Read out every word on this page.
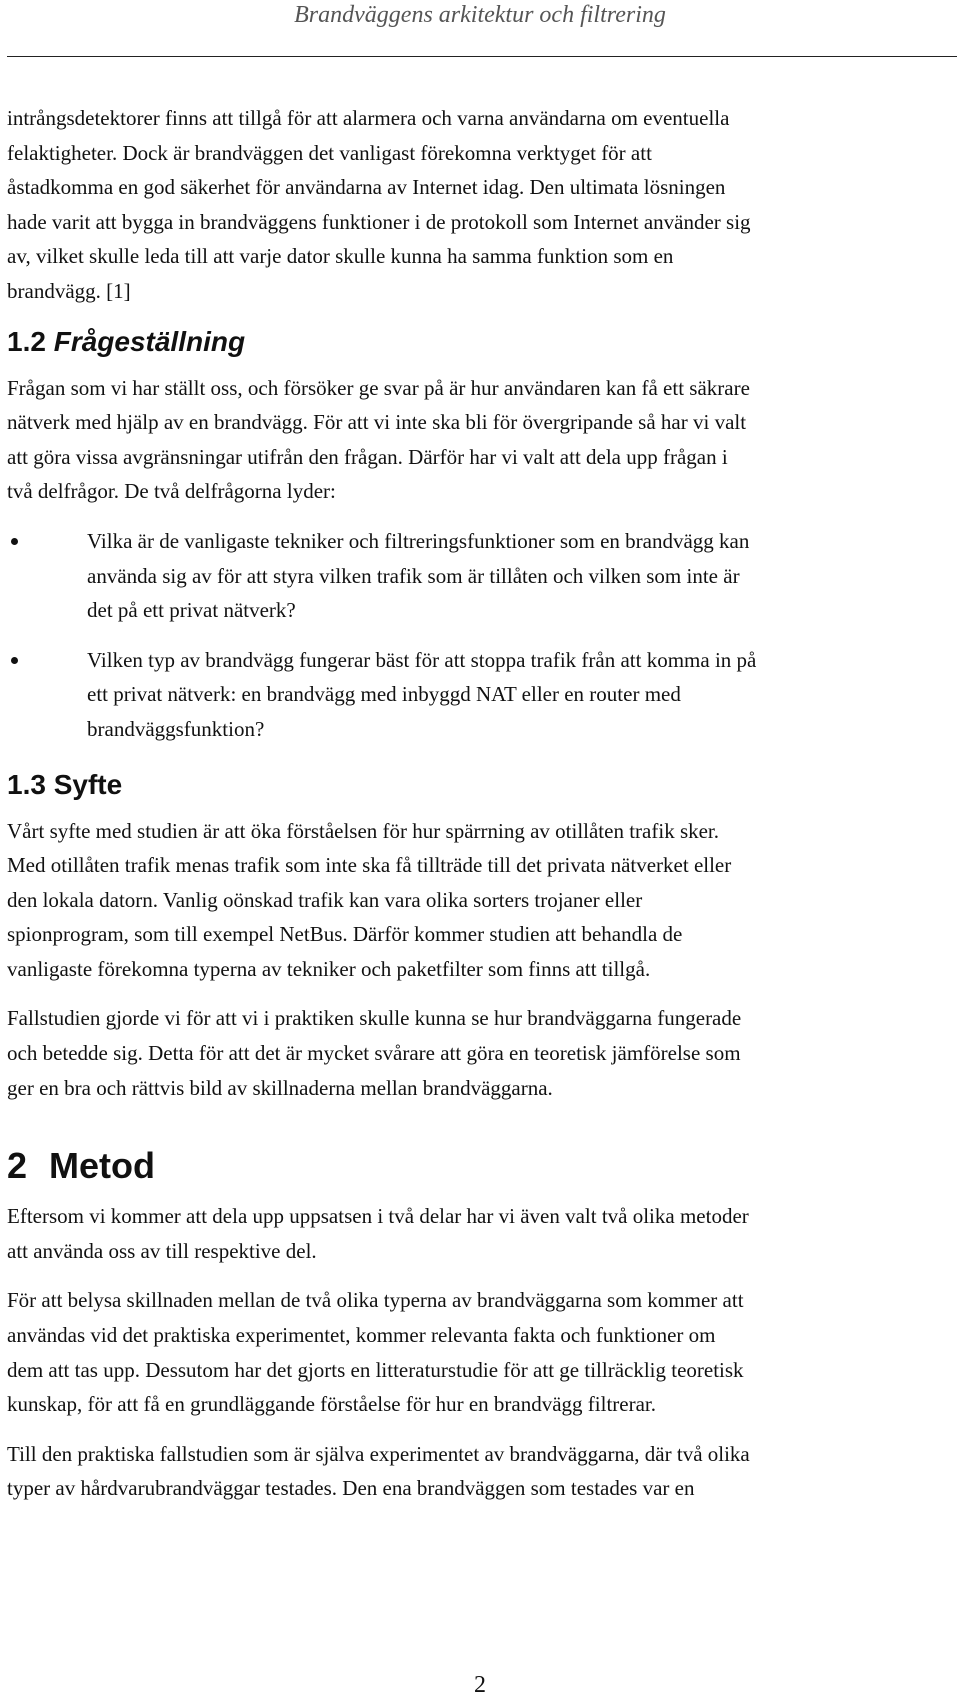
Brandväggens arkitektur och filtrering

intrångsdetektorer finns att tillgå för att alarmera och varna användarna om eventuella
felaktigheter. Dock är brandväggen det vanligast förekomna verktyget för att
åstadkomma en god säkerhet för användarna av Internet idag. Den ultimata lösningen
hade varit att bygga in brandväggens funktioner i de protokoll som Internet använder sig
av, vilket skulle leda till att varje dator skulle kunna ha samma funktion som en
brandvägg. [1]

1.2 Frågeställning

Frågan som vi har ställt oss, och försöker ge svar på är hur användaren kan få ett säkrare
nätverk med hjälp av en brandvägg. För att vi inte ska bli för övergripande så har vi valt
att göra vissa avgränsningar utifrån den frågan. Därför har vi valt att dela upp frågan i
två delfrågor. De två delfrågorna lyder:

Vilka är de vanligaste tekniker och filtreringsfunktioner som en brandvägg kan
använda sig av för att styra vilken trafik som är tillåten och vilken som inte är
det på ett privat nätverk?
Vilken typ av brandvägg fungerar bäst för att stoppa trafik från att komma in på
ett privat nätverk: en brandvägg med inbyggd NAT eller en router med
brandväggsfunktion?
1.3 Syfte

Vårt syfte med studien är att öka förståelsen för hur spärrning av otillåten trafik sker.
Med otillåten trafik menas trafik som inte ska få tillträde till det privata nätverket eller
den lokala datorn. Vanlig oönskad trafik kan vara olika sorters trojaner eller
spionprogram, som till exempel NetBus. Därför kommer studien att behandla de
vanligaste förekomna typerna av tekniker och paketfilter som finns att tillgå.

Fallstudien gjorde vi för att vi i praktiken skulle kunna se hur brandväggarna fungerade
och betedde sig. Detta för att det är mycket svårare att göra en teoretisk jämförelse som
ger en bra och rättvis bild av skillnaderna mellan brandväggarna.

2 Metod

Eftersom vi kommer att dela upp uppsatsen i två delar har vi även valt två olika metoder
att använda oss av till respektive del.

För att belysa skillnaden mellan de två olika typerna av brandväggarna som kommer att
användas vid det praktiska experimentet, kommer relevanta fakta och funktioner om
dem att tas upp. Dessutom har det gjorts en litteraturstudie för att ge tillräcklig teoretisk
kunskap, för att få en grundläggande förståelse för hur en brandvägg filtrerar.

Till den praktiska fallstudien som är själva experimentet av brandväggarna, där två olika
typer av hårdvarubrandväggar testades. Den ena brandväggen som testades var en

2
